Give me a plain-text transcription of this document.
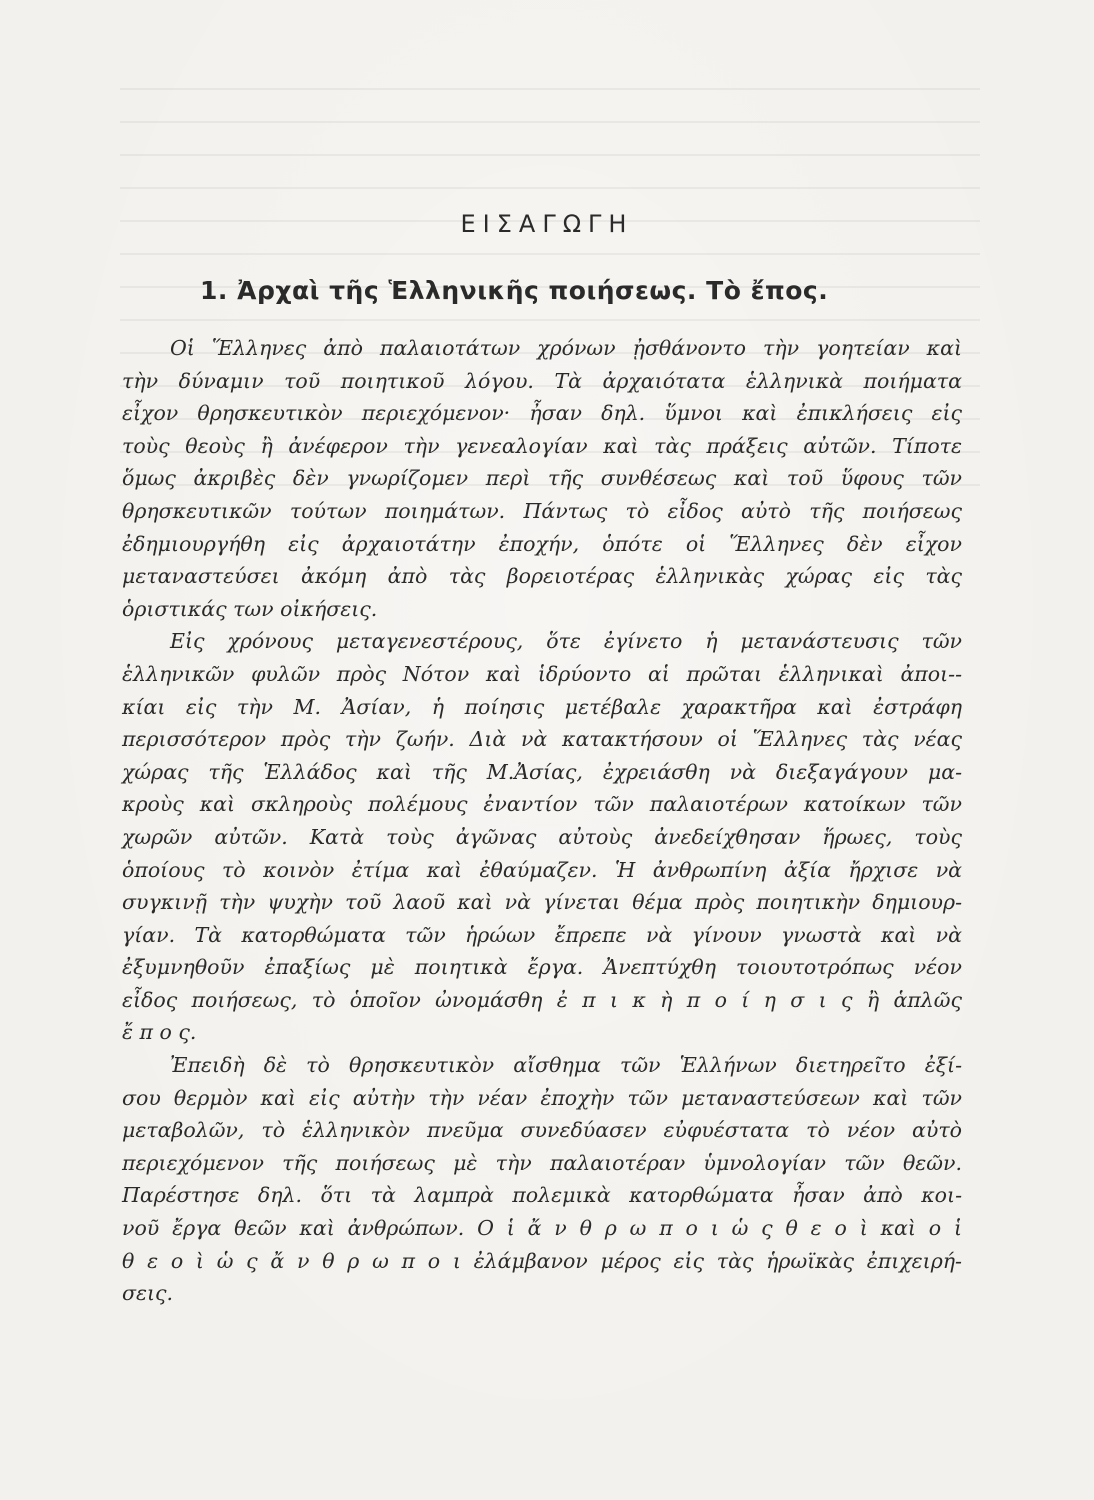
ΕΙΣΑΓΩΓΗ
1. Ἀρχαὶ τῆς Ἑλληνικῆς ποιήσεως. Τὸ ἔπος.
Οἱ Ἕλληνες ἀπὸ παλαιοτάτων χρόνων ᾐσθάνοντο τὴν γοητείαν καὶ
τὴν δύναμιν τοῦ ποιητικοῦ λόγου. Τὰ ἀρχαιότατα ἑλληνικὰ ποιήματα
εἶχον θρησκευτικὸν περιεχόμενον· ἦσαν δηλ. ὕμνοι καὶ ἐπικλήσεις εἰς
τοὺς θεοὺς ἢ ἀνέφερον τὴν γενεαλογίαν καὶ τὰς πράξεις αὐτῶν. Τίποτε
ὅμως ἀκριβὲς δὲν γνωρίζομεν περὶ τῆς συνθέσεως καὶ τοῦ ὕφους τῶν
θρησκευτικῶν τούτων ποιημάτων. Πάντως τὸ εἶδος αὐτὸ τῆς ποιήσεως
ἐδημιουργήθη εἰς ἀρχαιοτάτην ἐποχήν, ὁπότε οἱ Ἕλληνες δὲν εἶχον
μεταναστεύσει ἀκόμη ἀπὸ τὰς βορειοτέρας ἑλληνικὰς χώρας εἰς τὰς
ὁριστικάς των οἰκήσεις.
Εἰς χρόνους μεταγενεστέρους, ὅτε ἐγίνετο ἡ μετανάστευσις τῶν
ἑλληνικῶν φυλῶν πρὸς Νότον καὶ ἱδρύοντο αἱ πρῶται ἑλληνικαὶ ἀποι--
κίαι εἰς τὴν Μ. Ἀσίαν, ἡ ποίησις μετέβαλε χαρακτῆρα καὶ ἐστράφη
περισσότερον πρὸς τὴν ζωήν. Διὰ νὰ κατακτήσουν οἱ Ἕλληνες τὰς νέας
χώρας τῆς Ἑλλάδος καὶ τῆς Μ.Ἀσίας, ἐχρειάσθη νὰ διεξαγάγουν μα-
κροὺς καὶ σκληροὺς πολέμους ἐναντίον τῶν παλαιοτέρων κατοίκων τῶν
χωρῶν αὐτῶν. Κατὰ τοὺς ἀγῶνας αὐτοὺς ἀνεδείχθησαν ἥρωες, τοὺς
ὁποίους τὸ κοινὸν ἐτίμα καὶ ἐθαύμαζεν. Ἡ ἀνθρωπίνη ἀξία ἤρχισε νὰ
συγκινῇ τὴν ψυχὴν τοῦ λαοῦ καὶ νὰ γίνεται θέμα πρὸς ποιητικὴν δημιουρ-
γίαν. Τὰ κατορθώματα τῶν ἡρώων ἔπρεπε νὰ γίνουν γνωστὰ καὶ νὰ
ἐξυμνηθοῦν ἐπαξίως μὲ ποιητικὰ ἔργα. Ἀνεπτύχθη τοιουτοτρόπως νέον
εἶδος ποιήσεως, τὸ ὁποῖον ὠνομάσθη ἐ π ι κ ὴ π ο ί η σ ι ς ἢ ἁπλῶς
ἔ π ο ς.
Ἐπειδὴ δὲ τὸ θρησκευτικὸν αἴσθημα τῶν Ἑλλήνων διετηρεῖτο ἐξί-
σου θερμὸν καὶ εἰς αὐτὴν τὴν νέαν ἐποχὴν τῶν μεταναστεύσεων καὶ τῶν
μεταβολῶν, τὸ ἑλληνικὸν πνεῦμα συνεδύασεν εὐφυέστατα τὸ νέον αὐτὸ
περιεχόμενον τῆς ποιήσεως μὲ τὴν παλαιοτέραν ὑμνολογίαν τῶν θεῶν.
Παρέστησε δηλ. ὅτι τὰ λαμπρὰ πολεμικὰ κατορθώματα ἦσαν ἀπὸ κοι-
νοῦ ἔργα θεῶν καὶ ἀνθρώπων. Ο ἱ ἄ ν θ ρ ω π ο ι ὡ ς θ ε ο ὶ καὶ ο ἱ
θ ε ο ὶ ὡ ς ἄ ν θ ρ ω π ο ι ἐλάμβανον μέρος εἰς τὰς ἡρωϊκὰς ἐπιχειρή-
σεις.
